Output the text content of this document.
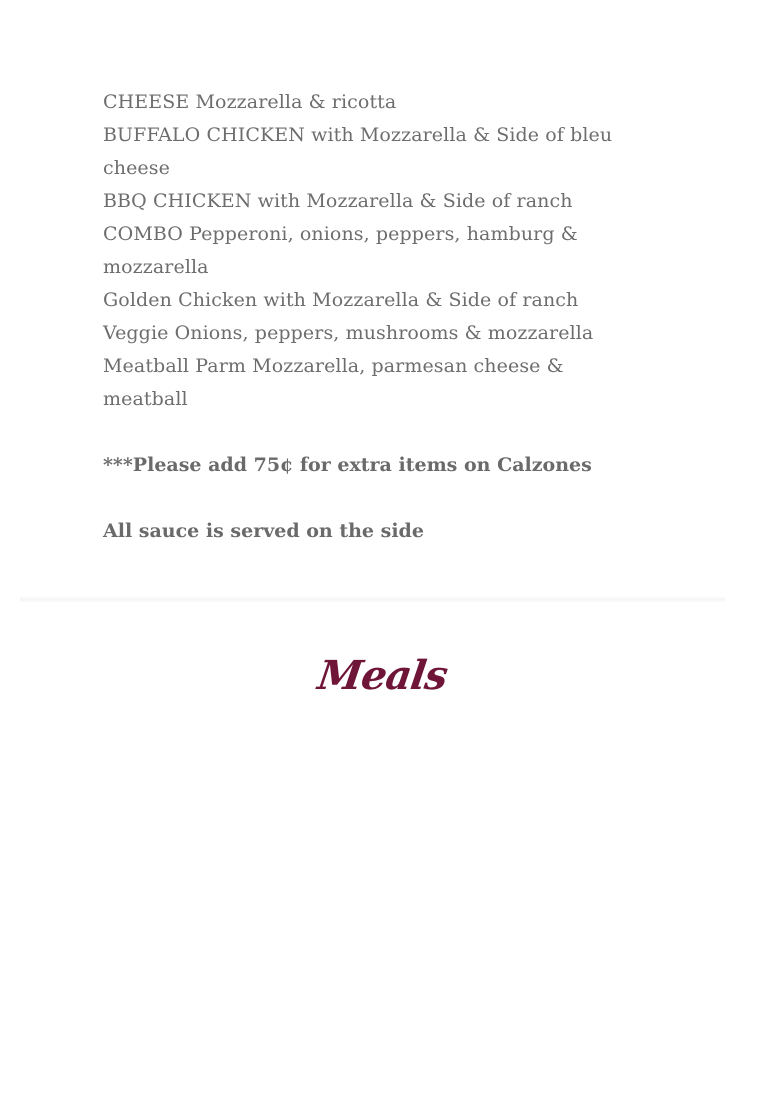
CHEESE Mozzarella & ricotta
BUFFALO CHICKEN with Mozzarella & Side of bleu cheese
BBQ CHICKEN with Mozzarella & Side of ranch
COMBO Pepperoni, onions, peppers, hamburg & mozzarella
Golden Chicken with Mozzarella & Side of ranch
Veggie Onions, peppers, mushrooms & mozzarella
Meatball Parm Mozzarella, parmesan cheese & meatball
***Please add 75¢ for extra items on Calzones
All sauce is served on the side
Meals
